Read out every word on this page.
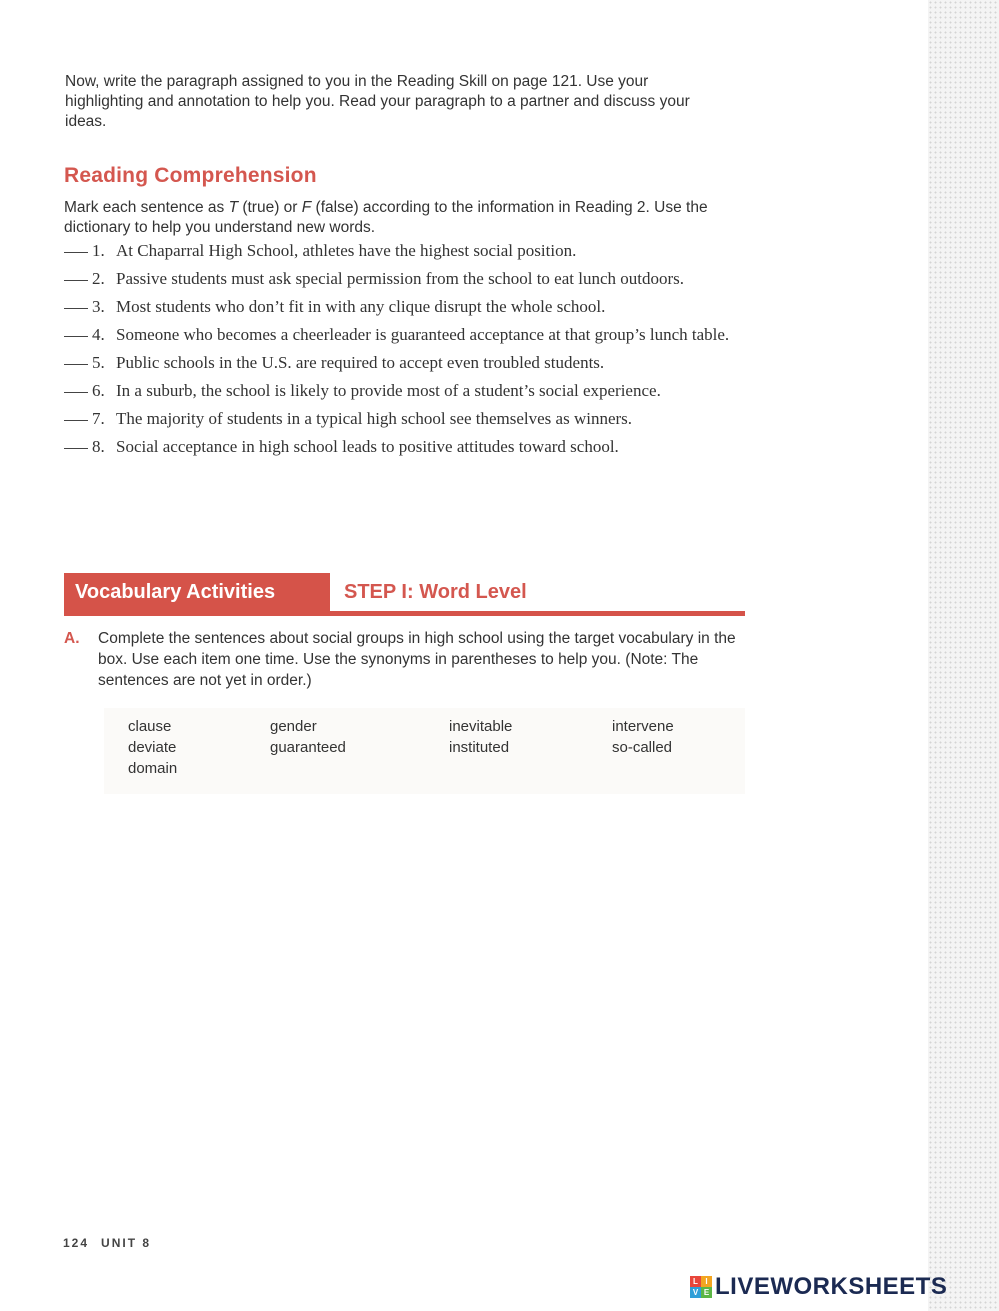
Now, write the paragraph assigned to you in the Reading Skill on page 121. Use your highlighting and annotation to help you. Read your paragraph to a partner and discuss your ideas.
Reading Comprehension
Mark each sentence as T (true) or F (false) according to the information in Reading 2. Use the dictionary to help you understand new words.
1. At Chaparral High School, athletes have the highest social position.
2. Passive students must ask special permission from the school to eat lunch outdoors.
3. Most students who don’t fit in with any clique disrupt the whole school.
4. Someone who becomes a cheerleader is guaranteed acceptance at that group’s lunch table.
5. Public schools in the U.S. are required to accept even troubled students.
6. In a suburb, the school is likely to provide most of a student’s social experience.
7. The majority of students in a typical high school see themselves as winners.
8. Social acceptance in high school leads to positive attitudes toward school.
Vocabulary Activities	STEP I: Word Level
A.	Complete the sentences about social groups in high school using the target vocabulary in the box. Use each item one time. Use the synonyms in parentheses to help you. (Note: The sentences are not yet in order.)
clause	gender	inevitable	intervene
deviate	guaranteed	instituted	so-called
domain
124 UNIT 8
L I
V E LIVEWORKSHEETS
